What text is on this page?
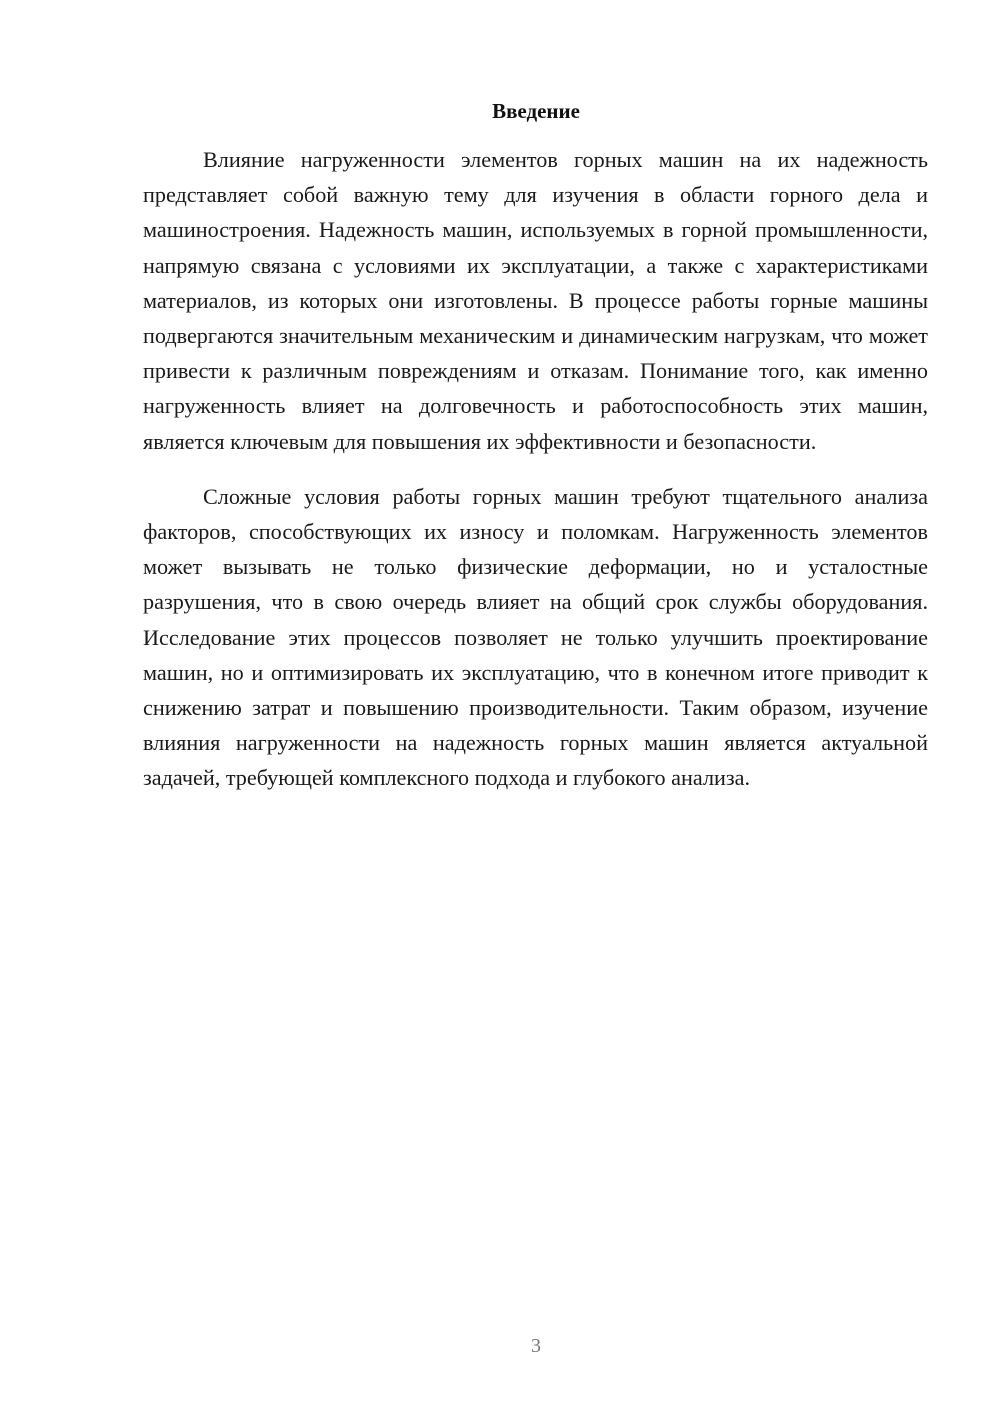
Введение

Влияние нагруженности элементов горных машин на их надежность представляет собой важную тему для изучения в области горного дела и машиностроения. Надежность машин, используемых в горной промышленности, напрямую связана с условиями их эксплуатации, а также с характеристиками материалов, из которых они изготовлены. В процессе работы горные машины подвергаются значительным механическим и динамическим нагрузкам, что может привести к различным повреждениям и отказам. Понимание того, как именно нагруженность влияет на долговечность и работоспособность этих машин, является ключевым для повышения их эффективности и безопасности.

Сложные условия работы горных машин требуют тщательного анализа факторов, способствующих их износу и поломкам. Нагруженность элементов может вызывать не только физические деформации, но и усталостные разрушения, что в свою очередь влияет на общий срок службы оборудования. Исследование этих процессов позволяет не только улучшить проектирование машин, но и оптимизировать их эксплуатацию, что в конечном итоге приводит к снижению затрат и повышению производительности. Таким образом, изучение влияния нагруженности на надежность горных машин является актуальной задачей, требующей комплексного подхода и глубокого анализа.

3
